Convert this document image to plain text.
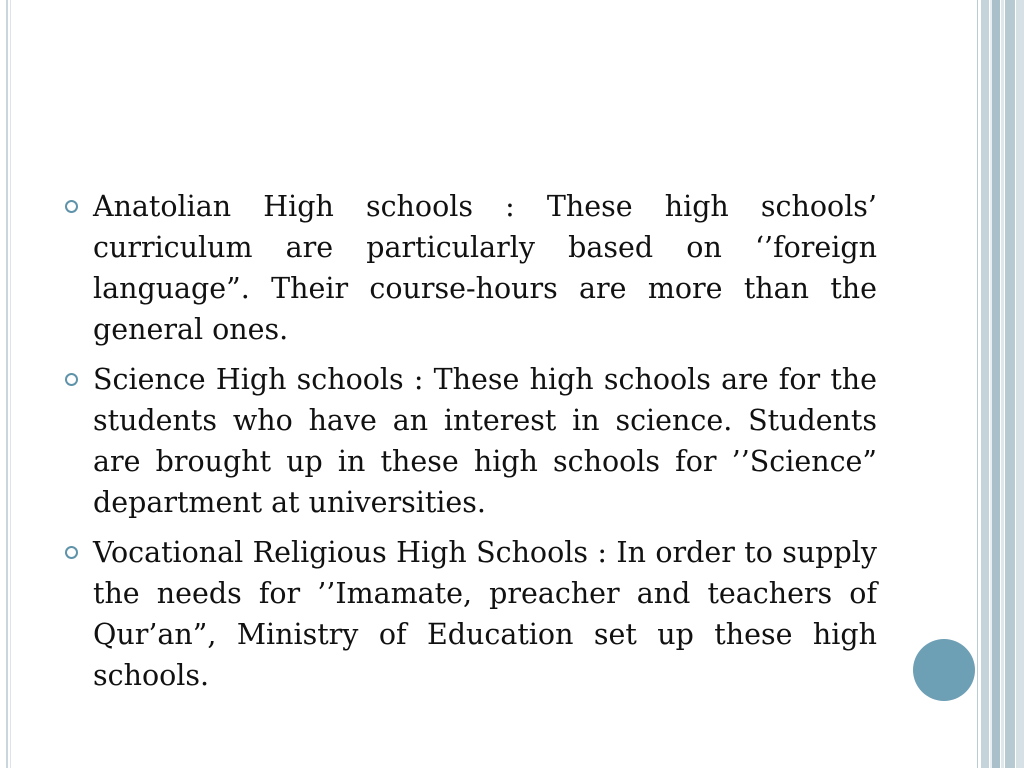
Anatolian High schools : These high schools’ curriculum are particularly based on ‘’foreign language”. Their course-hours are more than the general ones.
Science High schools : These high schools are for the students who have an interest in science. Students are brought up in these high schools for ’’Science” department at universities.
Vocational Religious High Schools : In order to supply the needs for ’’Imamate, preacher and teachers of Qur’an”, Ministry of Education set up these high schools.
